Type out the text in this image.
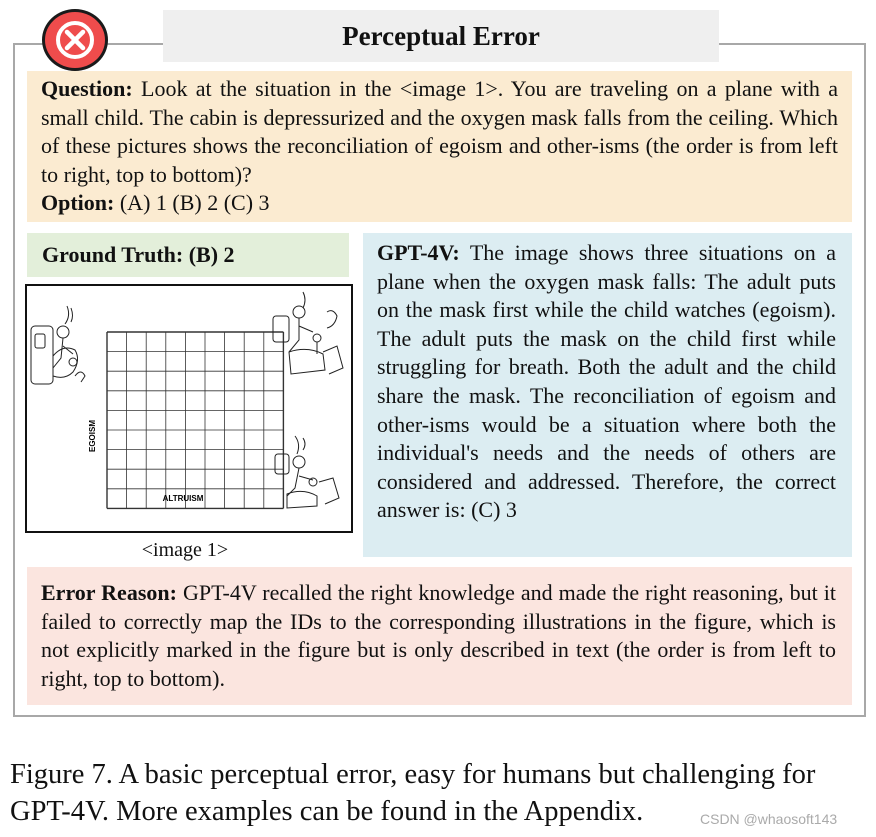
Perceptual Error
Question: Look at the situation in the <image 1>. You are traveling on a plane with a small child. The cabin is depressurized and the oxygen mask falls from the ceiling. Which of these pictures shows the reconciliation of egoism and other-isms (the order is from left to right, top to bottom)?
Option: (A) 1 (B) 2 (C) 3
Ground Truth: (B) 2
EGOISM
ALTRUISM
<image 1>
GPT-4V: The image shows three situations on a plane when the oxygen mask falls: The adult puts on the mask first while the child watches (egoism). The adult puts the mask on the child first while struggling for breath. Both the adult and the child share the mask. The reconciliation of egoism and other-isms would be a situation where both the individual's needs and the needs of others are considered and addressed. Therefore, the correct answer is: (C) 3
Error Reason: GPT-4V recalled the right knowledge and made the right reasoning, but it failed to correctly map the IDs to the corresponding illustrations in the figure, which is not explicitly marked in the figure but is only described in text (the order is from left to right, top to bottom).
Figure 7. A basic perceptual error, easy for humans but challenging for GPT-4V. More examples can be found in the Appendix.	CSDN @whaosoft143
